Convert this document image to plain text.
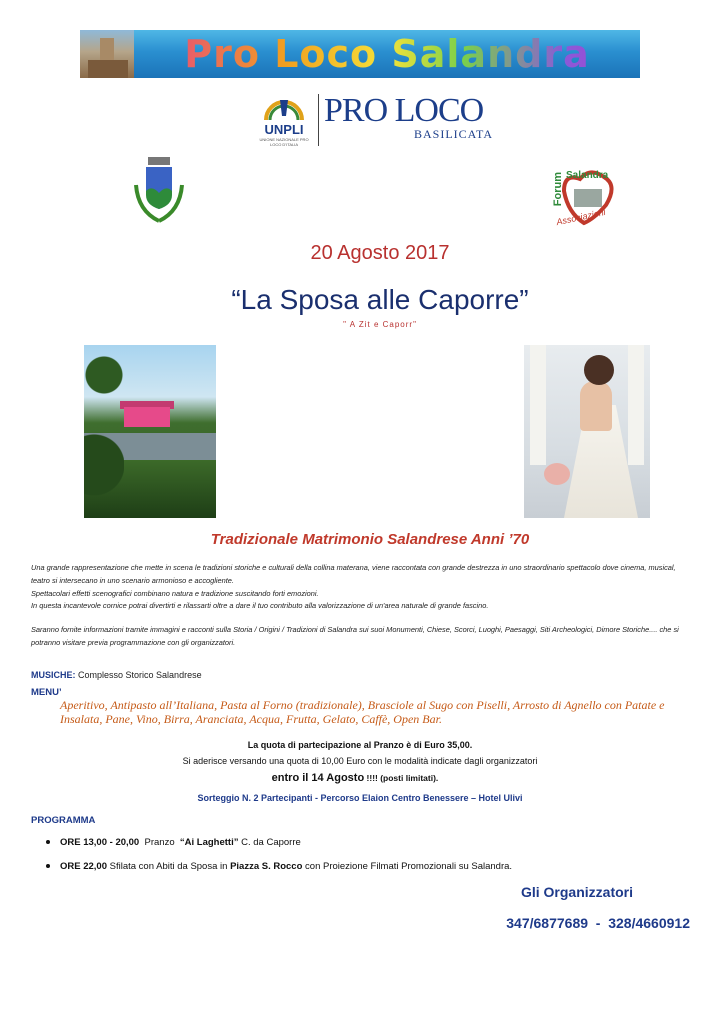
Pro Loco Salandra
UNPLI
UNIONE NAZIONALE PRO LOCO D'ITALIA
PRO LOCO
BASILICATA
Forum Salandra
Associazioni
20 Agosto 2017
“La Sposa alle Caporre”
" A Zit e Caporr"
Tradizionale Matrimonio Salandrese Anni ’70
Una grande rappresentazione che mette in scena le tradizioni storiche e culturali della collina materana, viene raccontata con grande destrezza in uno straordinario spettacolo dove cinema, musical, teatro si intersecano in uno scenario armonioso e accogliente.
Spettacolari effetti scenografici combinano natura e tradizione suscitando forti emozioni.
In questa incantevole cornice potrai divertirti e rilassarti oltre a dare il tuo contributo alla valorizzazione di un'area naturale di grande fascino.
Saranno fornite informazioni tramite immagini e racconti sulla Storia / Origini / Tradizioni di Salandra sui suoi Monumenti, Chiese, Scorci, Luoghi, Paesaggi, Siti Archeologici, Dimore Storiche.... che si potranno visitare previa programmazione con gli organizzatori.
MUSICHE: Complesso Storico Salandrese
MENU’
Aperitivo, Antipasto all’Italiana, Pasta al Forno (tradizionale), Brasciole al Sugo con Piselli, Arrosto di Agnello con Patate e Insalata, Pane, Vino, Birra, Aranciata, Acqua, Frutta, Gelato, Caffè, Open Bar.
La quota di partecipazione al Pranzo è di Euro 35,00.
Si aderisce versando una quota di 10,00 Euro con le modalità indicate dagli organizzatori
entro il 14 Agosto !!!! (posti limitati).
Sorteggio N. 2 Partecipanti - Percorso Elaion Centro Benessere – Hotel Ulivi
PROGRAMMA
ORE 13,00 - 20,00  Pranzo  “Ai Laghetti” C. da Caporre
ORE 22,00 Sfilata con Abiti da Sposa in Piazza S. Rocco con Proiezione Filmati Promozionali su Salandra.
Gli Organizzatori
347/6877689  -  328/4660912
